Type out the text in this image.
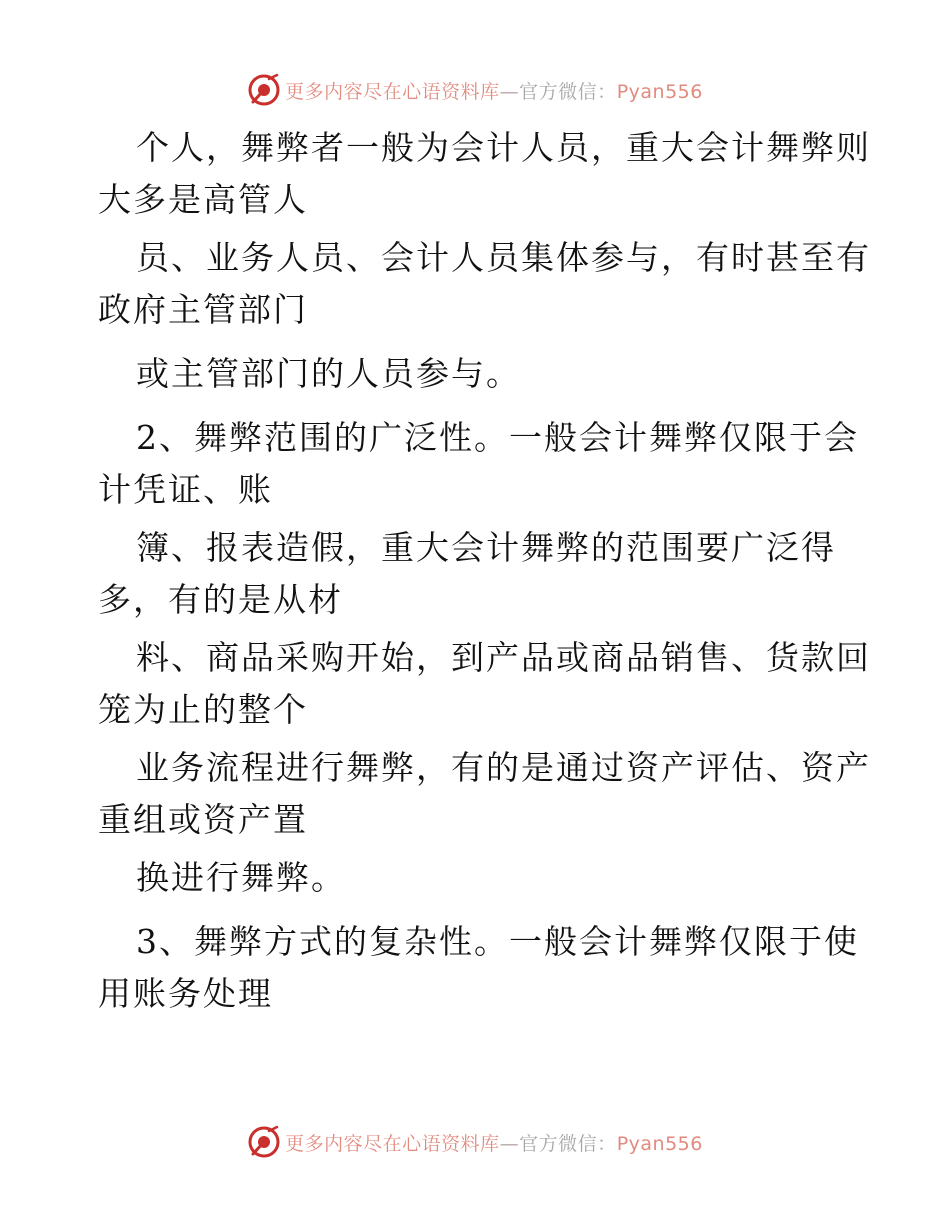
更多内容尽在心语资料库—官方微信：Pyan556
个人，舞弊者一般为会计人员，重大会计舞弊则
大多是高管人
员、业务人员、会计人员集体参与，有时甚至有
政府主管部门
或主管部门的人员参与。
2、舞弊范围的广泛性。一般会计舞弊仅限于会
计凭证、账
簿、报表造假，重大会计舞弊的范围要广泛得
多，有的是从材
料、商品采购开始，到产品或商品销售、货款回
笼为止的整个
业务流程进行舞弊，有的是通过资产评估、资产
重组或资产置
换进行舞弊。
3、舞弊方式的复杂性。一般会计舞弊仅限于使
用账务处理
更多内容尽在心语资料库—官方微信：Pyan556
